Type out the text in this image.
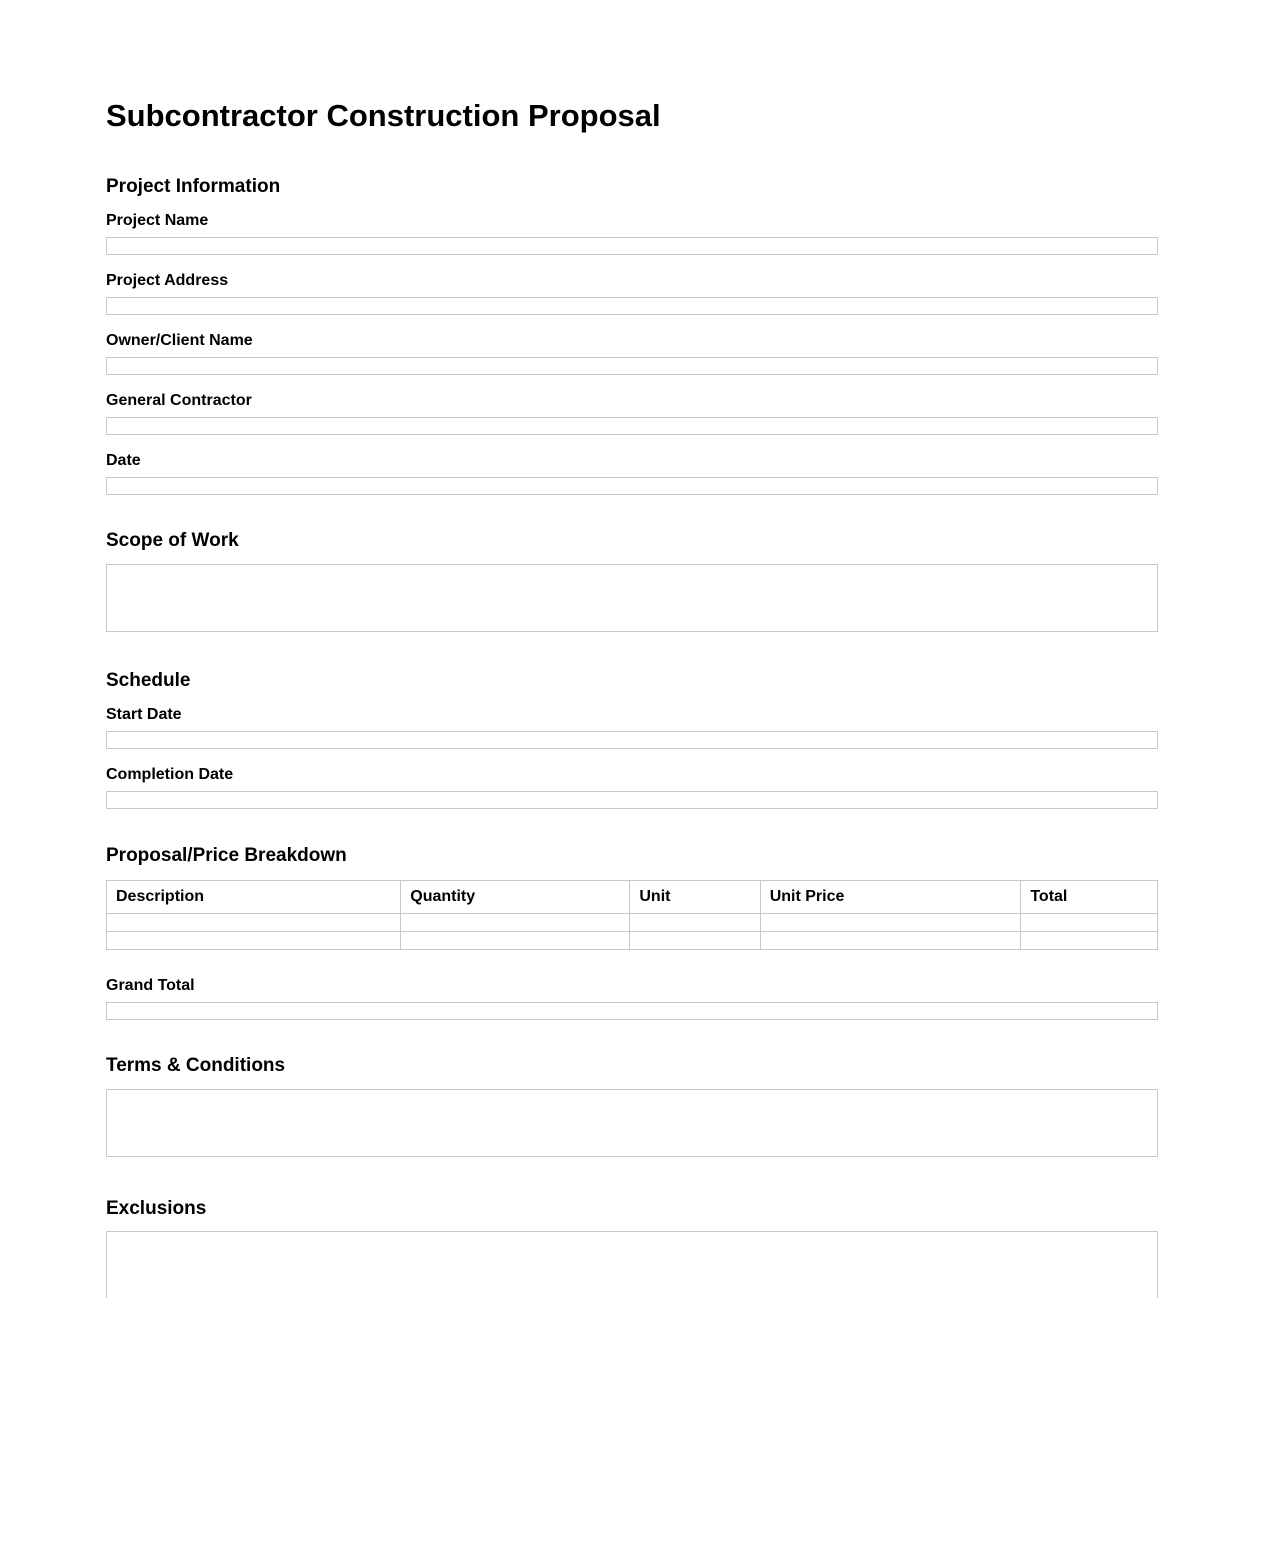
Subcontractor Construction Proposal
Project Information
Project Name
Project Address
Owner/Client Name
General Contractor
Date
Scope of Work
Schedule
Start Date
Completion Date
Proposal/Price Breakdown
Description	Quantity	Unit	Unit Price	Total

Grand Total
Terms & Conditions
Exclusions
